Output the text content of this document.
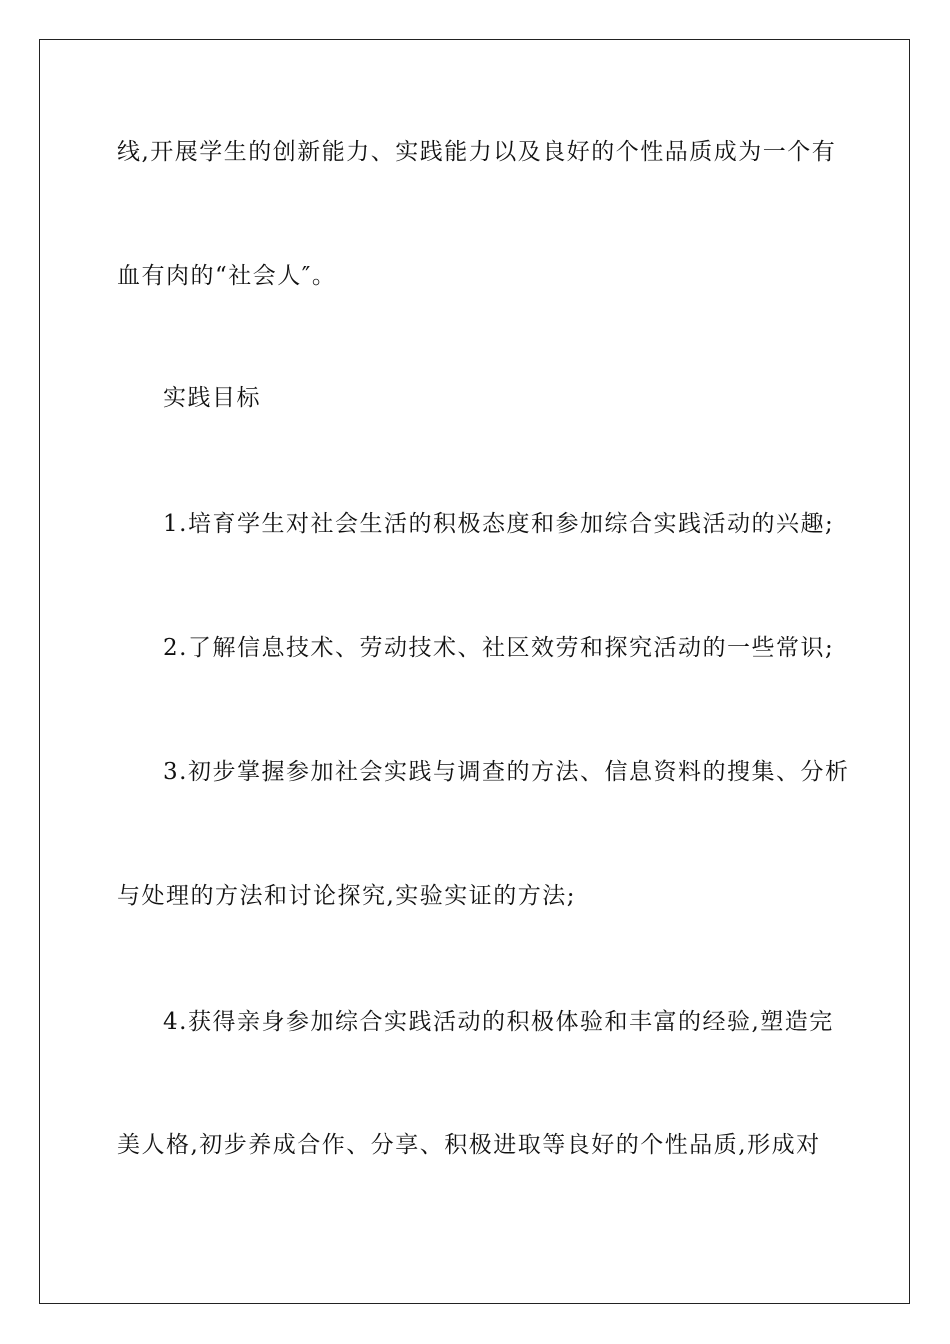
线,开展学生的创新能力、实践能力以及良好的个性品质成为一个有
血有肉的“社会人″。
实践目标
1.培育学生对社会生活的积极态度和参加综合实践活动的兴趣;
2.了解信息技术、劳动技术、社区效劳和探究活动的一些常识;
3.初步掌握参加社会实践与调查的方法、信息资料的搜集、分析
与处理的方法和讨论探究,实验实证的方法;
4.获得亲身参加综合实践活动的积极体验和丰富的经验,塑造完
美人格,初步养成合作、分享、积极进取等良好的个性品质,形成对
